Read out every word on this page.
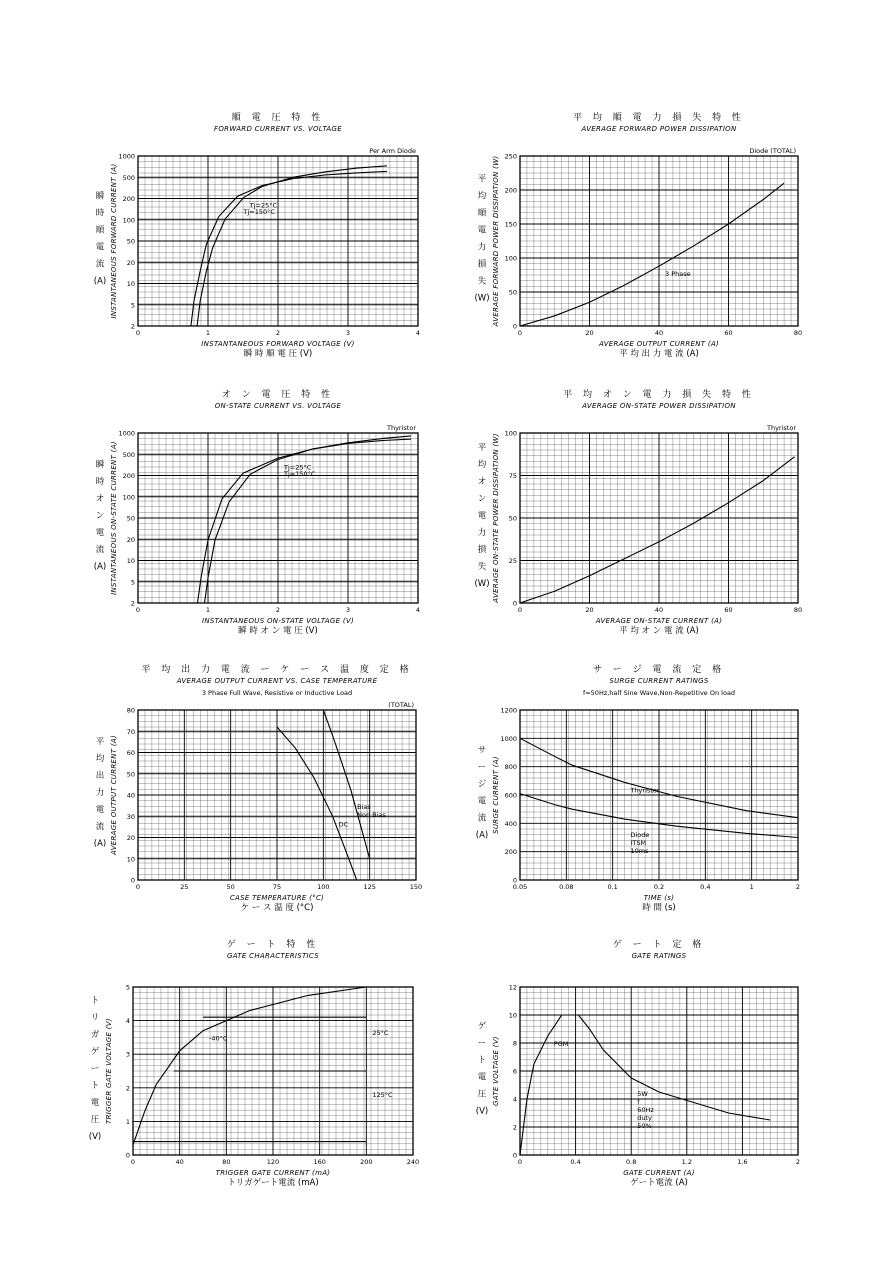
順 電 圧 特 性
FORWARD CURRENT VS. VOLTAGE
Per Arm Diode
0	1	2	3	4
2
5
10
20
50
100
200
500
1000
Tj=25°C
Tj=150°C
INSTANTANEOUS FORWARD VOLTAGE (V)
瞬 時 順 電 圧 (V)
INSTANTANEOUS FORWARD CURRENT (A)
瞬
時
順
電
流
(A)
平 均 順 電 力 損 失 特 性
AVERAGE FORWARD POWER DISSIPATION
Diode (TOTAL)
0	20	40	60	80
0
50
100
150
200
250
3 Phase
AVERAGE OUTPUT CURRENT (A)
平 均 出 力 電 流 (A)
AVERAGE FORWARD POWER DISSIPATION (W)
平
均
順
電
力
損
失
(W)
オ ン 電 圧 特 性
ON-STATE CURRENT VS. VOLTAGE
Thyristor
0	1	2	3	4
2
5
10
20
50
100
200
500
1000
Tj=25°C
Tj=150°C
INSTANTANEOUS ON-STATE VOLTAGE (V)
瞬 時 オ ン 電 圧 (V)
INSTANTANEOUS ON-STATE CURRENT (A)
瞬
時
オ
ン
電
流
(A)
平 均 オ ン 電 力 損 失 特 性
AVERAGE ON-STATE POWER DISSIPATION
Thyristor
0	20	40	60	80
0
25
50
75
100
AVERAGE ON-STATE CURRENT (A)
平 均 オ ン 電 流 (A)
AVERAGE ON-STATE POWER DISSIPATION (W)
平
均
オ
ン
電
力
損
失
(W)
平 均 出 力 電 流 ー ケ ー ス 温 度 定 格
AVERAGE OUTPUT CURRENT VS. CASE TEMPERATURE
3 Phase Full Wave, Resistive or Inductive Load
(TOTAL)
0	25	50	75	100	125	150
0
10
20
30
40
50
60
70
80
DC
Bias
Non Bias
CASE TEMPERATURE (°C)
ケ ー ス 温 度 (°C)
AVERAGE OUTPUT CURRENT (A)
平
均
出
力
電
流
(A)
サ ー ジ 電 流 定 格
SURGE CURRENT RATINGS
f=50Hz,half Sine Wave,Non-Repetitive On load
0.05	0.08	0.1	0.2	0.4	1	2
0
200
400
600
800
1000
1200
Thyristor
Diode
ITSM
10ms
TIME (s)
時 間 (s)
SURGE CURRENT (A)
サ
ー
ジ
電
流
(A)
ゲ ー ト 特 性
GATE CHARACTERISTICS
0	40	80	120	160	200	240
0
1
2
3
4
5
-40°C
25°C
125°C
TRIGGER GATE CURRENT (mA)
トリガゲート電流 (mA)
TRIGGER GATE VOLTAGE (V)
ト
リ
ガ
ゲ
ー
ト
電
圧
(V)
ゲ ー ト 定 格
GATE RATINGS
0	0.4	0.8	1.2	1.6	2
0
2
4
6
8
10
12
PGM
5W
f
60Hz
duty
50%
GATE CURRENT (A)
ゲート電流 (A)
GATE VOLTAGE (V)
ゲ
ー
ト
電
圧
(V)
